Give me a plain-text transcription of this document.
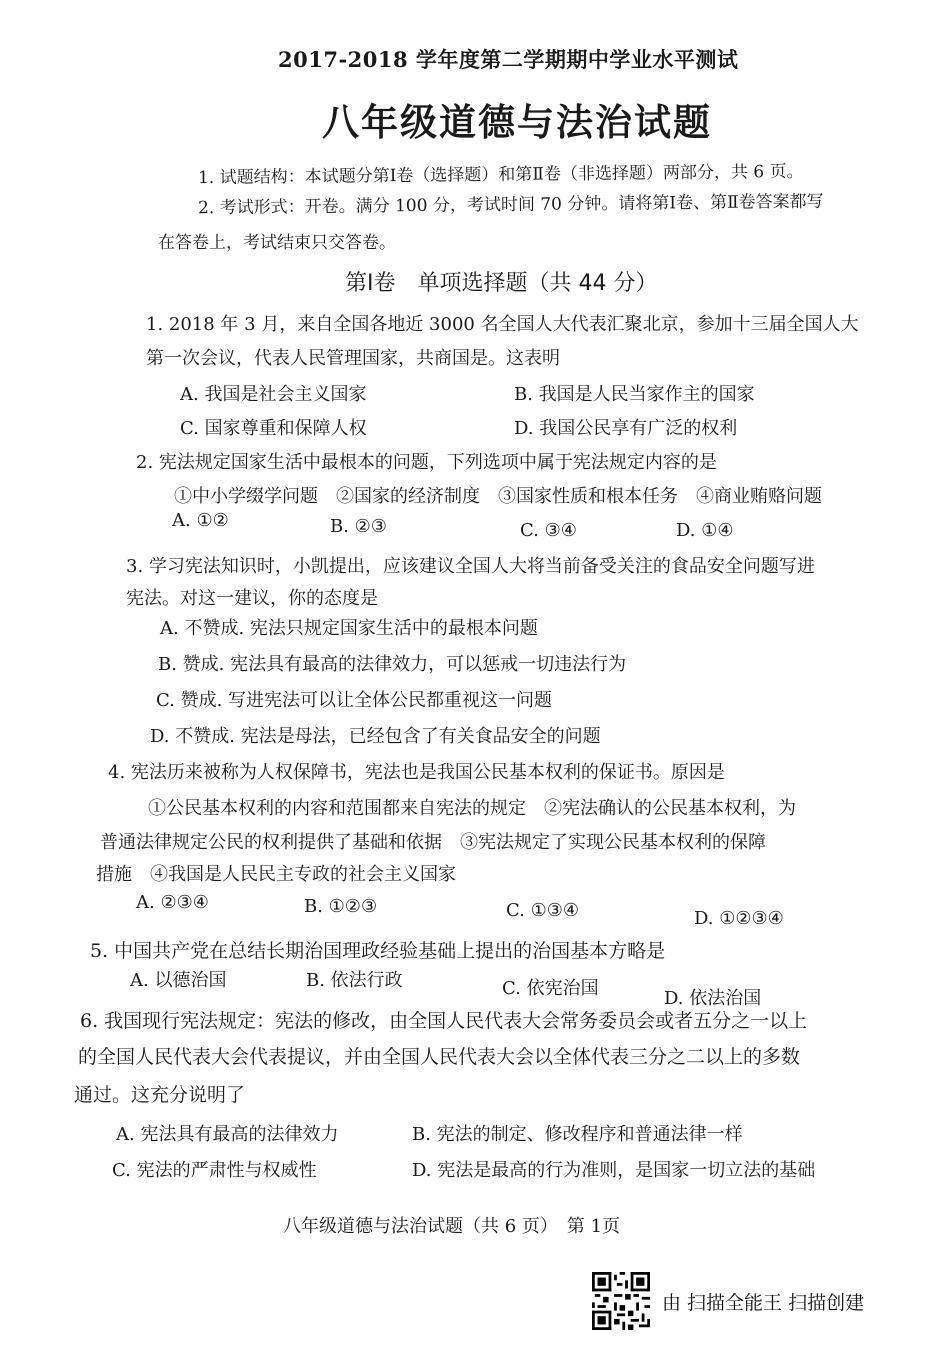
2017-2018 学年度第二学期期中学业水平测试
八年级道德与法治试题
1. 试题结构：本试题分第Ⅰ卷（选择题）和第Ⅱ卷（非选择题）两部分，共 6 页。
2. 考试形式：开卷。满分 100 分，考试时间 70 分钟。请将第Ⅰ卷、第Ⅱ卷答案都写
在答卷上，考试结束只交答卷。
第Ⅰ卷　单项选择题（共 44 分）
1. 2018 年 3 月，来自全国各地近 3000 名全国人大代表汇聚北京，参加十三届全国人大
第一次会议，代表人民管理国家，共商国是。这表明
A. 我国是社会主义国家	B. 我国是人民当家作主的国家
C. 国家尊重和保障人权	D. 我国公民享有广泛的权利
2. 宪法规定国家生活中最根本的问题，下列选项中属于宪法规定内容的是
①中小学缀学问题　②国家的经济制度　③国家性质和根本任务　④商业贿赂问题
A. ①②	B. ②③	C. ③④	D. ①④
3. 学习宪法知识时，小凯提出，应该建议全国人大将当前备受关注的食品安全问题写进
宪法。对这一建议，你的态度是
A. 不赞成. 宪法只规定国家生活中的最根本问题
B. 赞成. 宪法具有最高的法律效力，可以惩戒一切违法行为
C. 赞成. 写进宪法可以让全体公民都重视这一问题
D. 不赞成. 宪法是母法，已经包含了有关食品安全的问题
4. 宪法历来被称为人权保障书，宪法也是我国公民基本权利的保证书。原因是
①公民基本权利的内容和范围都来自宪法的规定　②宪法确认的公民基本权利，为
普通法律规定公民的权利提供了基础和依据　③宪法规定了实现公民基本权利的保障
措施　④我国是人民民主专政的社会主义国家
A. ②③④	B. ①②③	C. ①③④	D. ①②③④
5. 中国共产党在总结长期治国理政经验基础上提出的治国基本方略是
A. 以德治国	B. 依法行政	C. 依宪治国	D. 依法治国
6. 我国现行宪法规定：宪法的修改，由全国人民代表大会常务委员会或者五分之一以上
的全国人民代表大会代表提议，并由全国人民代表大会以全体代表三分之二以上的多数
通过。这充分说明了
A. 宪法具有最高的法律效力	B. 宪法的制定、修改程序和普通法律一样
C. 宪法的严肃性与权威性	D. 宪法是最高的行为准则，是国家一切立法的基础
八年级道德与法治试题（共 6 页）　第 1页
由 扫描全能王 扫描创建
